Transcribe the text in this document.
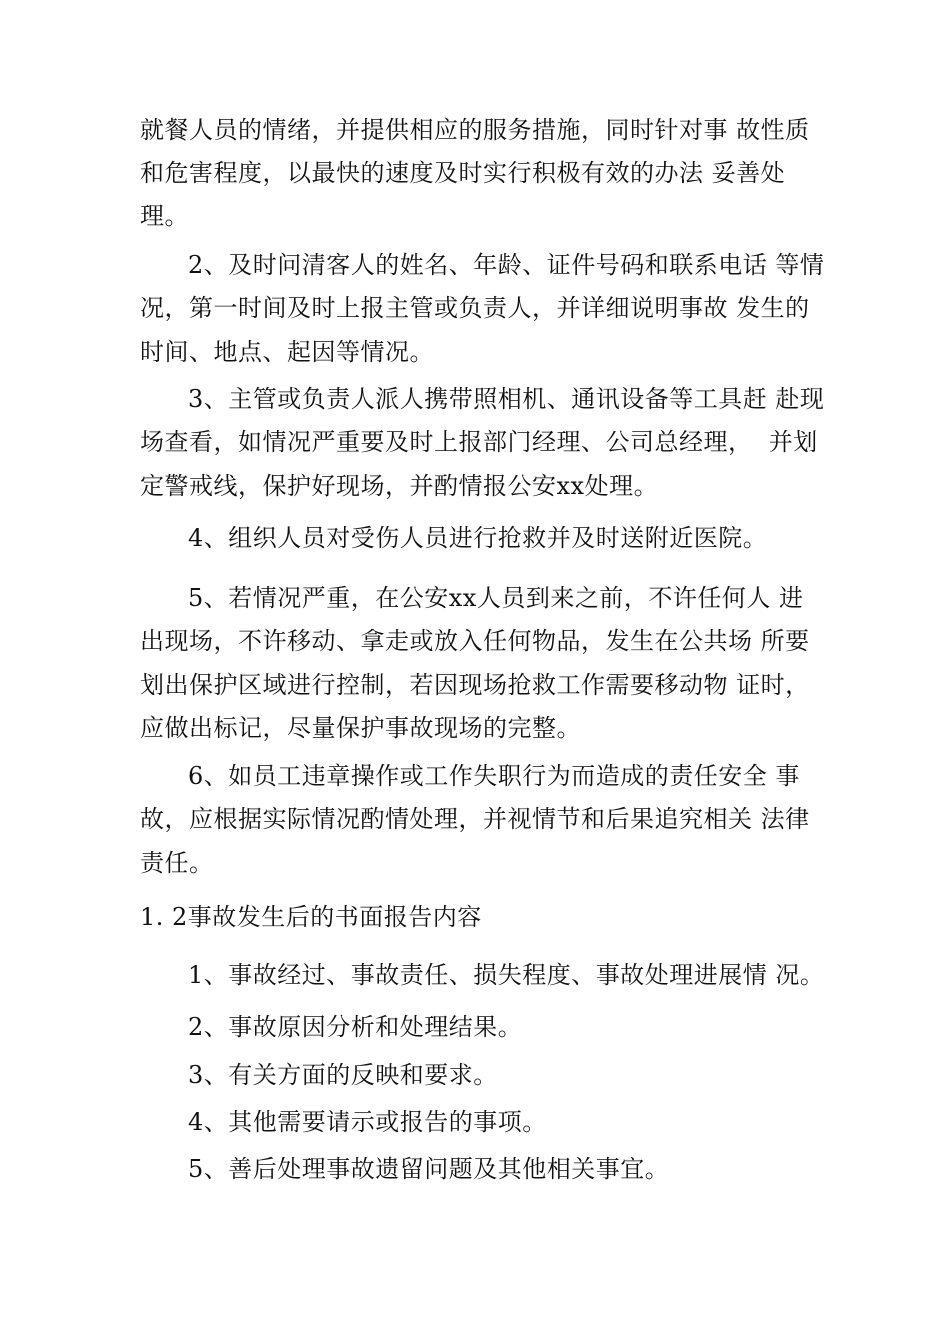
就餐人员的情绪，并提供相应的服务措施，同时针对事 故性质
和危害程度，以最快的速度及时实行积极有效的办法 妥善处
理。
2、及时问清客人的姓名、年龄、证件号码和联系电话 等情
况，第一时间及时上报主管或负责人，并详细说明事故 发生的
时间、地点、起因等情况。
3、主管或负责人派人携带照相机、通讯设备等工具赶 赴现
场查看，如情况严重要及时上报部门经理、公司总经理，  并划
定警戒线，保护好现场，并酌情报公安xx处理。
4、组织人员对受伤人员进行抢救并及时送附近医院。
5、若情况严重，在公安xx人员到来之前，不许任何人 进
出现场，不许移动、拿走或放入任何物品，发生在公共场 所要
划出保护区域进行控制，若因现场抢救工作需要移动物 证时，
应做出标记，尽量保护事故现场的完整。
6、如员工违章操作或工作失职行为而造成的责任安全 事
故，应根据实际情况酌情处理，并视情节和后果追究相关 法律
责任。
1. 2事故发生后的书面报告内容
1、事故经过、事故责任、损失程度、事故处理进展情 况。
2、事故原因分析和处理结果。
3、有关方面的反映和要求。
4、其他需要请示或报告的事项。
5、善后处理事故遗留问题及其他相关事宜。
